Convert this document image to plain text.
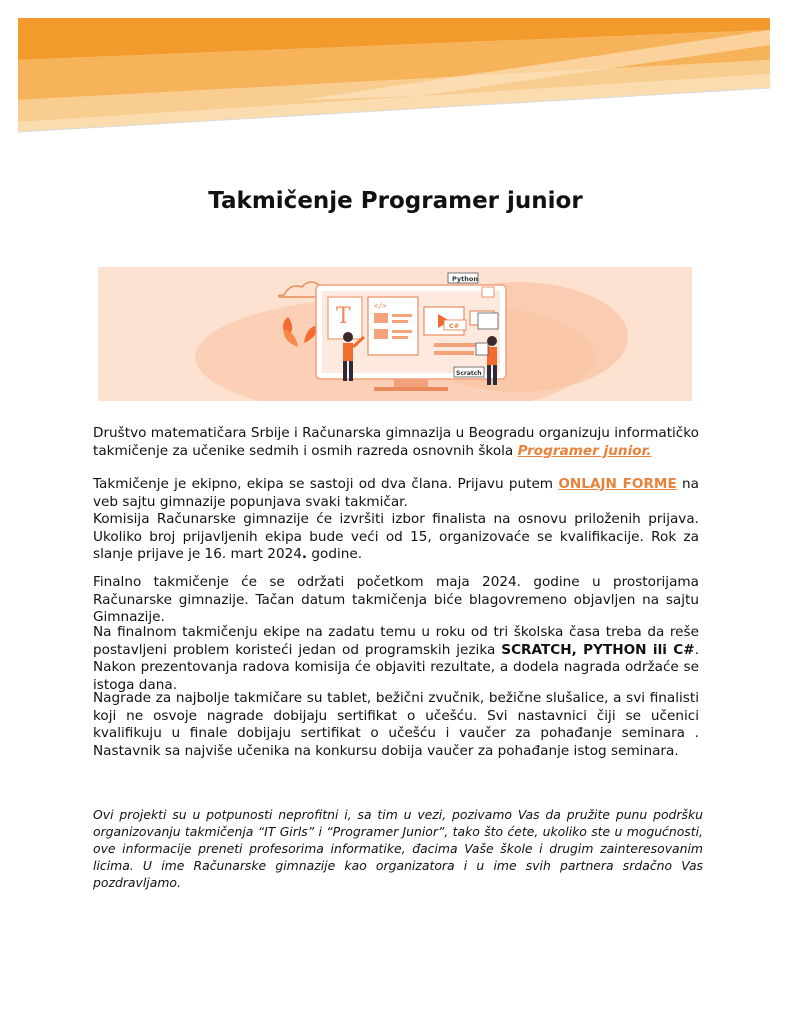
Takmičenje Programer junior
T	</>
Python
C#
Scratch

Društvo matematičara Srbije i Računarska gimnazija u Beogradu organizuju informatičko takmičenje za učenike sedmih i osmih razreda osnovnih škola Programer junior.

Takmičenje je ekipno, ekipa se sastoji od dva člana. Prijavu putem ONLAJN FORME na veb sajtu gimnazije popunjava svaki takmičar.
Komisija Računarske gimnazije će izvršiti izbor finalista na osnovu priloženih prijava. Ukoliko broj prijavljenih ekipa bude veći od 15, organizovaće se kvalifikacije. Rok za slanje prijave je 16. mart 2024. godine.

Finalno takmičenje će se održati početkom maja 2024. godine u prostorijama Računarske gimnazije. Tačan datum takmičenja biće blagovremeno objavljen na sajtu Gimnazije.

Na finalnom takmičenju ekipe na zadatu temu u roku od tri školska časa treba da reše postavljeni problem koristeći jedan od programskih jezika SCRATCH, PYTHON ili C#. Nakon prezentovanja radova komisija će objaviti rezultate, a dodela nagrada održaće se istoga dana.

Nagrade za najbolje takmičare su tablet, bežični zvučnik, bežične slušalice, a svi finalisti koji ne osvoje nagrade dobijaju sertifikat o učešću. Svi nastavnici čiji se učenici kvalifikuju u finale dobijaju sertifikat o učešću i vaučer za pohađanje seminara . Nastavnik sa najviše učenika na konkursu dobija vaučer za pohađanje istog seminara.

Ovi projekti su u potpunosti neprofitni i, sa tim u vezi, pozivamo Vas da pružite punu podršku organizovanju takmičenja “IT Girls” i “Programer Junior”, tako što ćete, ukoliko ste u mogućnosti, ove informacije preneti profesorima informatike, đacima Vaše škole i drugim zainteresovanim licima. U ime Računarske gimnazije kao organizatora i u ime svih partnera srdačno Vas pozdravljamo.
